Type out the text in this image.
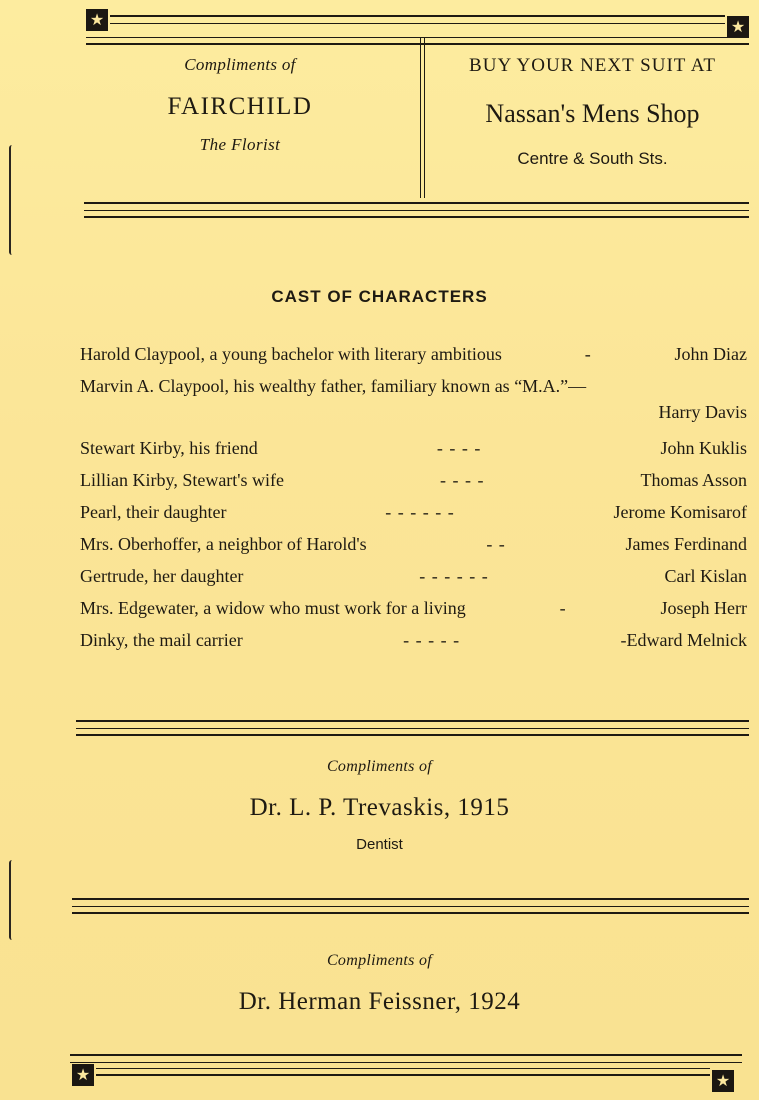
★	★
Compliments of
FAIRCHILD
The Florist
BUY YOUR NEXT SUIT AT
Nassan's Mens Shop
Centre & South Sts.
CAST OF CHARACTERS
Harold Claypool, a young bachelor with literary ambitious	-	John Diaz
Marvin A. Claypool, his wealthy father, familiary known as “M.A.”—
Harry Davis
Stewart Kirby, his friend	- - - -	John Kuklis
Lillian Kirby, Stewart's wife	- - - -	Thomas Asson
Pearl, their daughter	- - - - - -	Jerome Komisarof
Mrs. Oberhoffer, a neighbor of Harold's	- -	James Ferdinand
Gertrude, her daughter	- - - - - -	Carl Kislan
Mrs. Edgewater, a widow who must work for a living	-	Joseph Herr
Dinky, the mail carrier	- - - - -	-Edward Melnick
Compliments of
Dr. L. P. Trevaskis, 1915
Dentist
Compliments of
Dr. Herman Feissner, 1924
★	★
